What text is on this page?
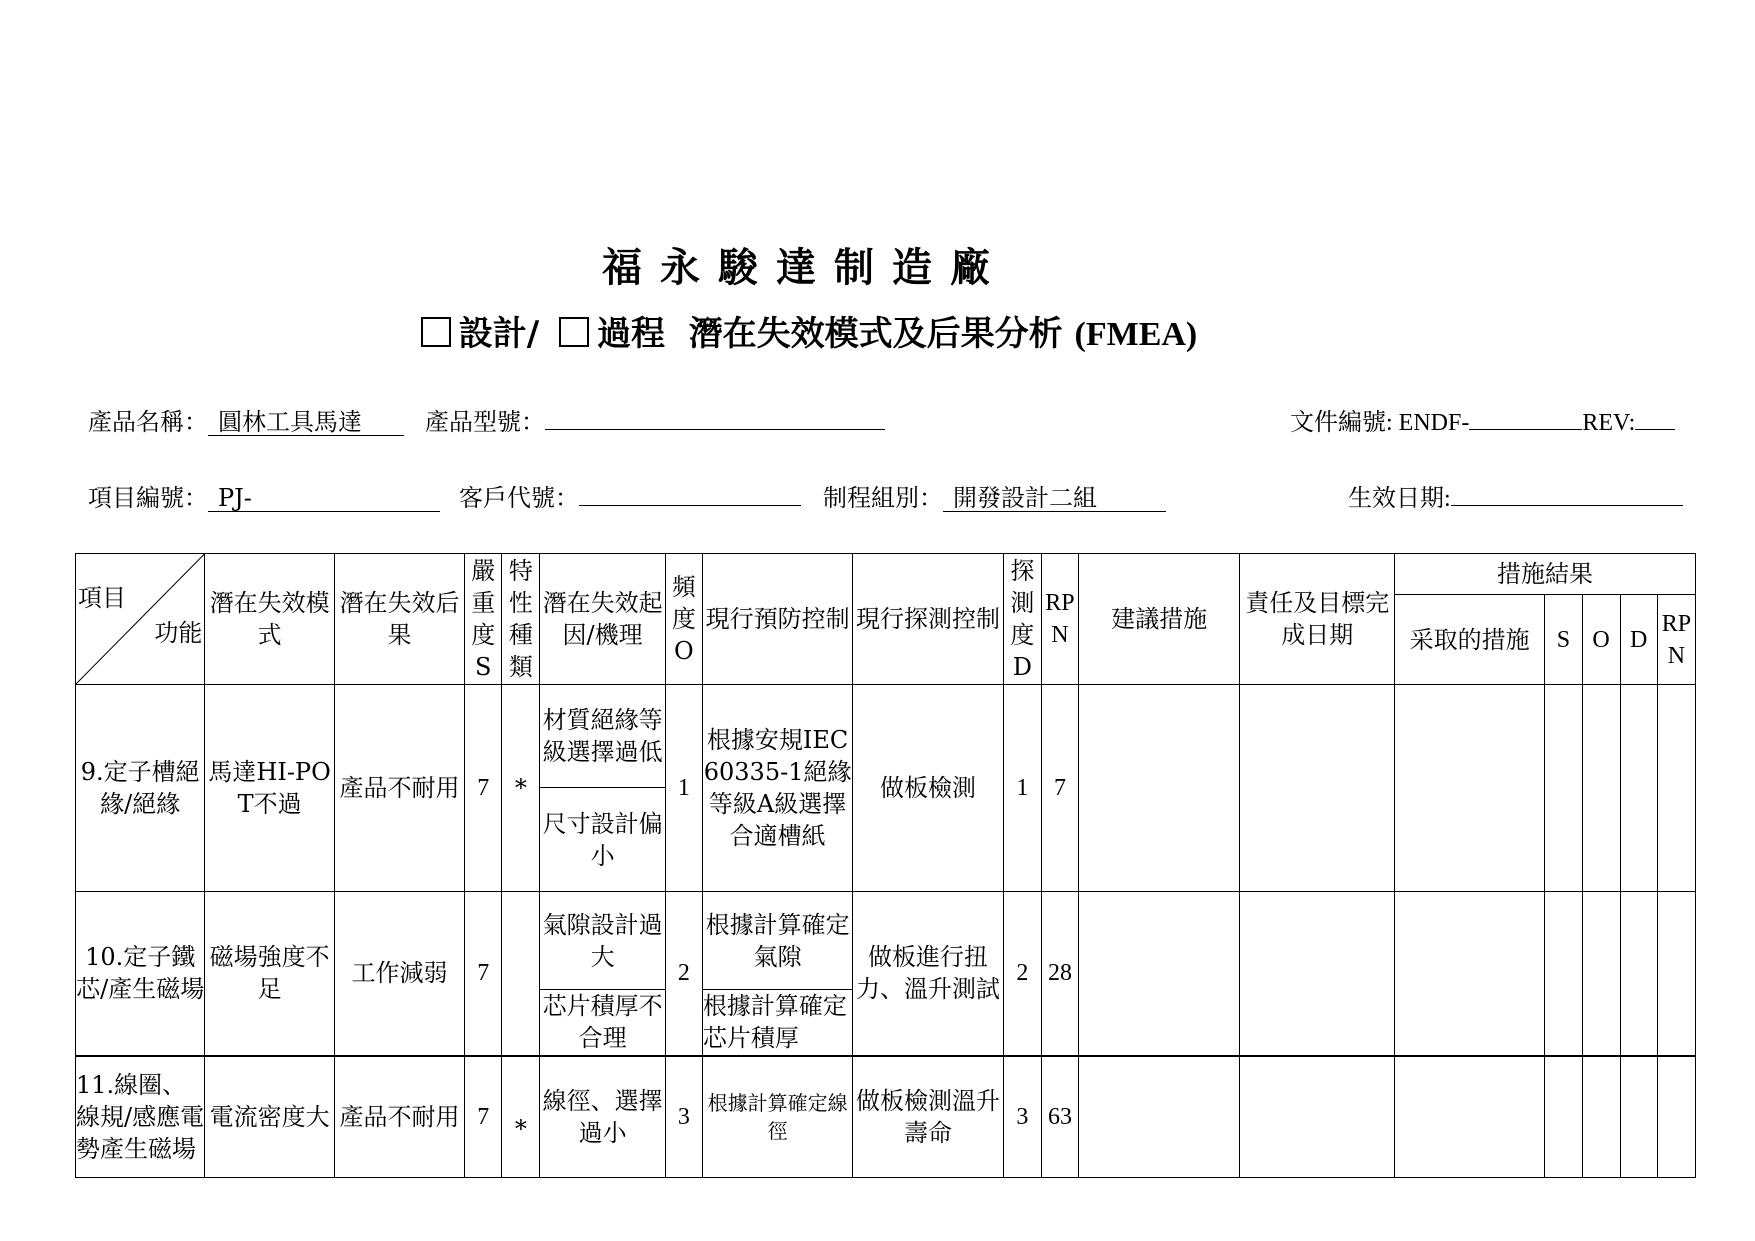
福永駿達制造廠
設計/ 過程 潛在失效模式及后果分析 (FMEA)
產品名稱： 圓林工具馬達	產品型號：	文件編號: ENDF-	REV:
項目編號： PJ-	客戶代號：	制程組別： 開發設計二組	生效日期:
項目
功能	潛在失效模式	潛在失效后果	嚴重度S	特性種類	潛在失效起因/機理	頻度O	現行預防控制	現行探測控制	探測度D	RPN	建議措施	責任及目標完成日期	措施結果				
													采取的措施	S	O	D	RPN
9.定子槽絕緣/絕緣	馬達HI-POT不過	產品不耐用	7	*	材質絕緣等級選擇過低	1	根據安規IEC60335-1絕緣等級A級選擇合適槽紙	做板檢測	1	7							
					尺寸設計偏小												
10.定子鐵芯/產生磁場	磁場強度不足	工作減弱	7		氣隙設計過大	2	根據計算確定氣隙	做板進行扭力、溫升測試	2	28							
					芯片積厚不合理		根據計算確定芯片積厚										
11.線圈、線規/感應電勢產生磁場	電流密度大	產品不耐用	7	*	線徑、選擇過小	3	根據計算確定線徑	做板檢測溫升壽命	3	63							
